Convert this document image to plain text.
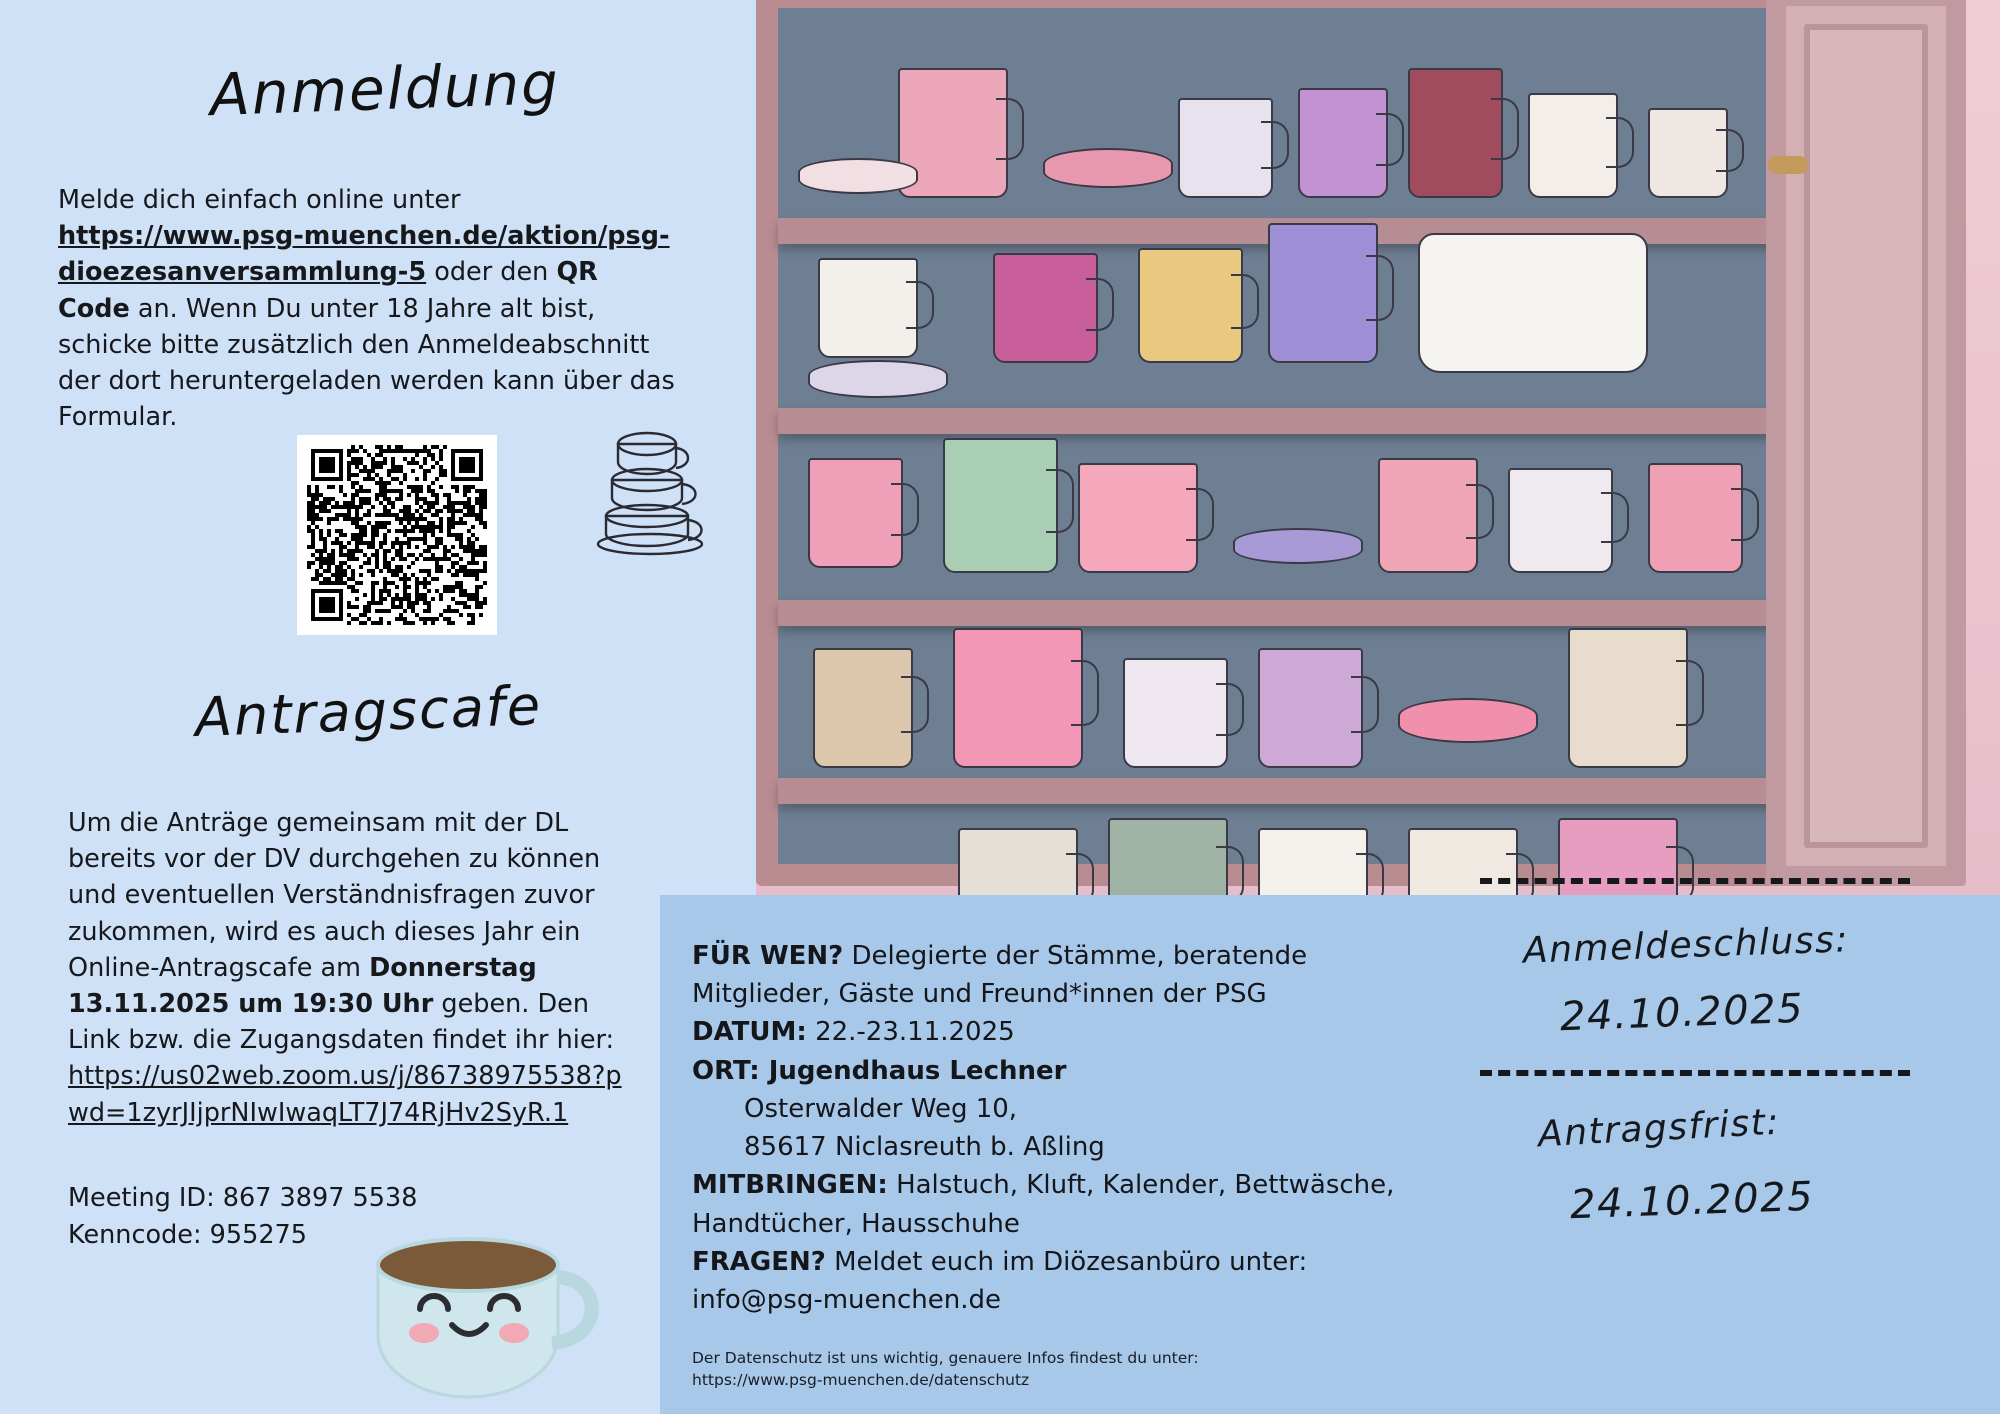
Anmeldung
Melde dich einfach online unter
https://www.psg-muenchen.de/aktion/psg-dioezesanversammlung-5 oder den QR Code an. Wenn Du unter 18 Jahre alt bist, schicke bitte zusätzlich den Anmeldeabschnitt der dort heruntergeladen werden kann über das Formular.
Antragscafe
Um die Anträge gemeinsam mit der DL bereits vor der DV durchgehen zu können und eventuellen Verständnisfragen zuvor zukommen, wird es auch dieses Jahr ein Online-Antragscafe am Donnerstag 13.11.2025 um 19:30 Uhr geben. Den Link bzw. die Zugangsdaten findet ihr hier:
https://us02web.zoom.us/j/86738975538?pwd=1zyrJIjprNIwIwaqLT7J74RjHv2SyR.1
Meeting ID: 867 3897 5538
Kenncode: 955275
FÜR WEN? Delegierte der Stämme, beratende Mitglieder, Gäste und Freund*innen der PSG
DATUM: 22.-23.11.2025
ORT: Jugendhaus Lechner
Osterwalder Weg 10,
85617 Niclasreuth b. Aßling
MITBRINGEN: Halstuch, Kluft, Kalender, Bettwäsche, Handtücher, Hausschuhe
FRAGEN? Meldet euch im Diözesanbüro unter:
info@psg-muenchen.de
Der Datenschutz ist uns wichtig, genauere Infos findest du unter:
https://www.psg-muenchen.de/datenschutz
Anmeldeschluss:
24.10.2025
Antragsfrist:
24.10.2025
